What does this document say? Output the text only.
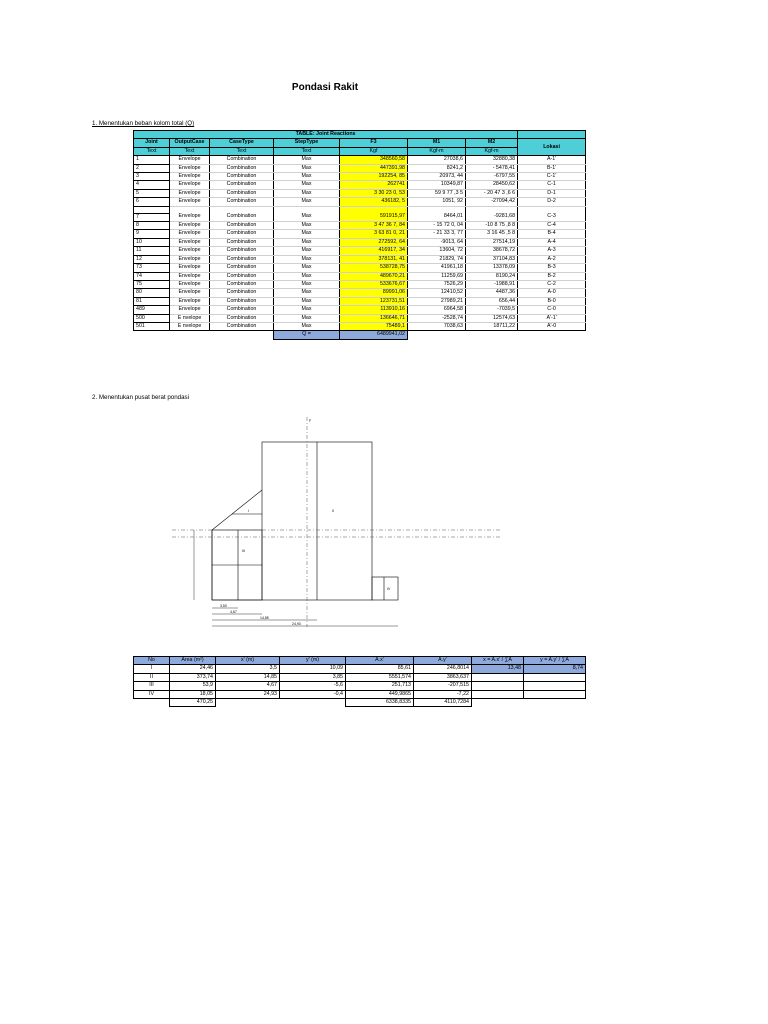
Pondasi Rakit
1. Menentukan beban kolom total (Q)
2. Menentukan pusat berat pondasi
TABLE: Joint Reactions							
Joint	OutputCase	CaseType	StepType	F3	M1	M2	Lokasi
Text	Text	Text	Text	Kgf	Kgf-m	Kgf-m	
1	Envelope	Combination	Max	348560,58	27038,6	32880,38	A-1'
2	Envelope	Combination	Max	447391,98	8241,2	- 5478,41	B-1'
3	Envelope	Combination	Max	192254, 85	20973, 44	-6797,55	C-1'
4	Envelope	Combination	Max	262741	10349,87	28450,62	C-1
5	Envelope	Combination	Max	3 30 23 0, 53	59 9 77 ,3 5	- 20 47 3 ,6 6	D-1
6	Envelope	Combination	Max	436182, 5	1051, 92	-27094,42	D-2

7	Envelope	Combination	Max	591915,97	8464,01	-9281,68	C-3
8	Envelope	Combination	Max	3 47 36 7, 84	- 15 72 0, 04	-10 8 75 ,8 8	C-4
9	Envelope	Combination	Max	3 63 81 0, 21	- 21 33 3, 77	3 16 45 ,5 8	B-4
10	Envelope	Combination	Max	272592, 64	-9013, 64	27514,19	A-4
11	Envelope	Combination	Max	416917, 34	13604, 72	38678,72	A-3
12	Envelope	Combination	Max	378131, 41	21829, 74	37104,83	A-2
73	Envelope	Combination	Max	538728,75	41961,18	13378,09	B-3
74	Envelope	Combination	Max	489670,21	11259,69	8190,24	B-2
75	Envelope	Combination	Max	533676,67	7526,29	-1988,91	C-2
80	Envelope	Combination	Max	89991,06	12410,52	4487,36	A-0
81	Envelope	Combination	Max	123731,51	27989,21	656,44	B-0
489	Envelope	Combination	Max	113910,16	6964,58	-7039,5	C-0
500	E nvelope	Combination	Max	136646,71	-2528,74	12574,63	A'-1'
501	E nvelope	Combination	Max	75489,1	7038,63	18711,22	A'-0
			Q =	6489941,02			

y
I	II
III
IV
3,50
4,67
14,85
24,93
No	Area (m²)	x' (m)	y' (m)	A.x'	A.y'	x = A.x' / ∑A	y = A.y' / ∑A
I	24,46	3,5	10,09	85,61	246,8014	13,48	8,74
II	373,74	14,85	3,85	5551,574	3863,637		
III	53,9	4,67	-5,6	251,713	-207,515		
IV	18,05	24,93	-0,4	449,9865	-7,22		
	470,25			6338,8335	4110,7284		
